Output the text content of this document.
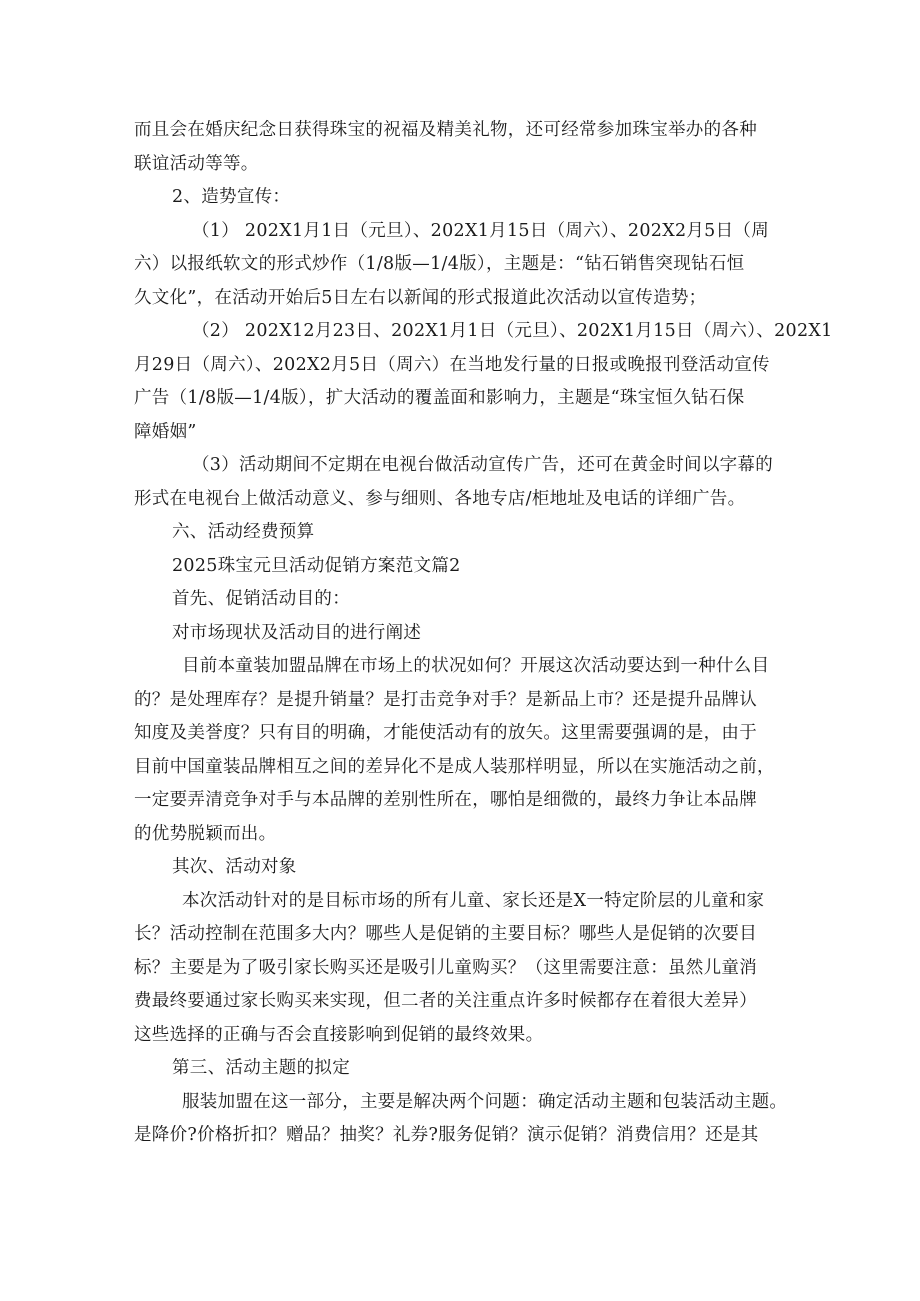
而且会在婚庆纪念日获得珠宝的祝福及精美礼物，还可经常参加珠宝举办的各种
联谊活动等等。
2、造势宣传：
（1） 202X1月1日（元旦）、202X1月15日（周六）、202X2月5日（周
六）以报纸软文的形式炒作（1/8版—1/4版），主题是：“钻石销售突现钻石恒
久文化”，在活动开始后5日左右以新闻的形式报道此次活动以宣传造势；
（2） 202X12月23日、202X1月1日（元旦）、202X1月15日（周六）、202X1
月29日（周六）、202X2月5日（周六）在当地发行量的日报或晚报刊登活动宣传
广告（1/8版—1/4版），扩大活动的覆盖面和影响力，主题是“珠宝恒久钻石保
障婚姻”
（3）活动期间不定期在电视台做活动宣传广告，还可在黄金时间以字幕的
形式在电视台上做活动意义、参与细则、各地专店/柜地址及电话的详细广告。
六、活动经费预算
2025珠宝元旦活动促销方案范文篇2
首先、促销活动目的：
对市场现状及活动目的进行阐述
目前本童装加盟品牌在市场上的状况如何？开展这次活动要达到一种什么目
的？是处理库存？是提升销量？是打击竞争对手？是新品上市？还是提升品牌认
知度及美誉度？只有目的明确，才能使活动有的放矢。这里需要强调的是，由于
目前中国童装品牌相互之间的差异化不是成人装那样明显，所以在实施活动之前，
一定要弄清竞争对手与本品牌的差别性所在，哪怕是细微的，最终力争让本品牌
的优势脱颖而出。
其次、活动对象
本次活动针对的是目标市场的所有儿童、家长还是X一特定阶层的儿童和家
长？活动控制在范围多大内？哪些人是促销的主要目标？哪些人是促销的次要目
标？主要是为了吸引家长购买还是吸引儿童购买？（这里需要注意：虽然儿童消
费最终要通过家长购买来实现，但二者的关注重点许多时候都存在着很大差异）
这些选择的正确与否会直接影响到促销的最终效果。
第三、活动主题的拟定
服装加盟在这一部分，主要是解决两个问题：确定活动主题和包装活动主题。
是降价?价格折扣？赠品？抽奖？礼券?服务促销？演示促销？消费信用？还是其
